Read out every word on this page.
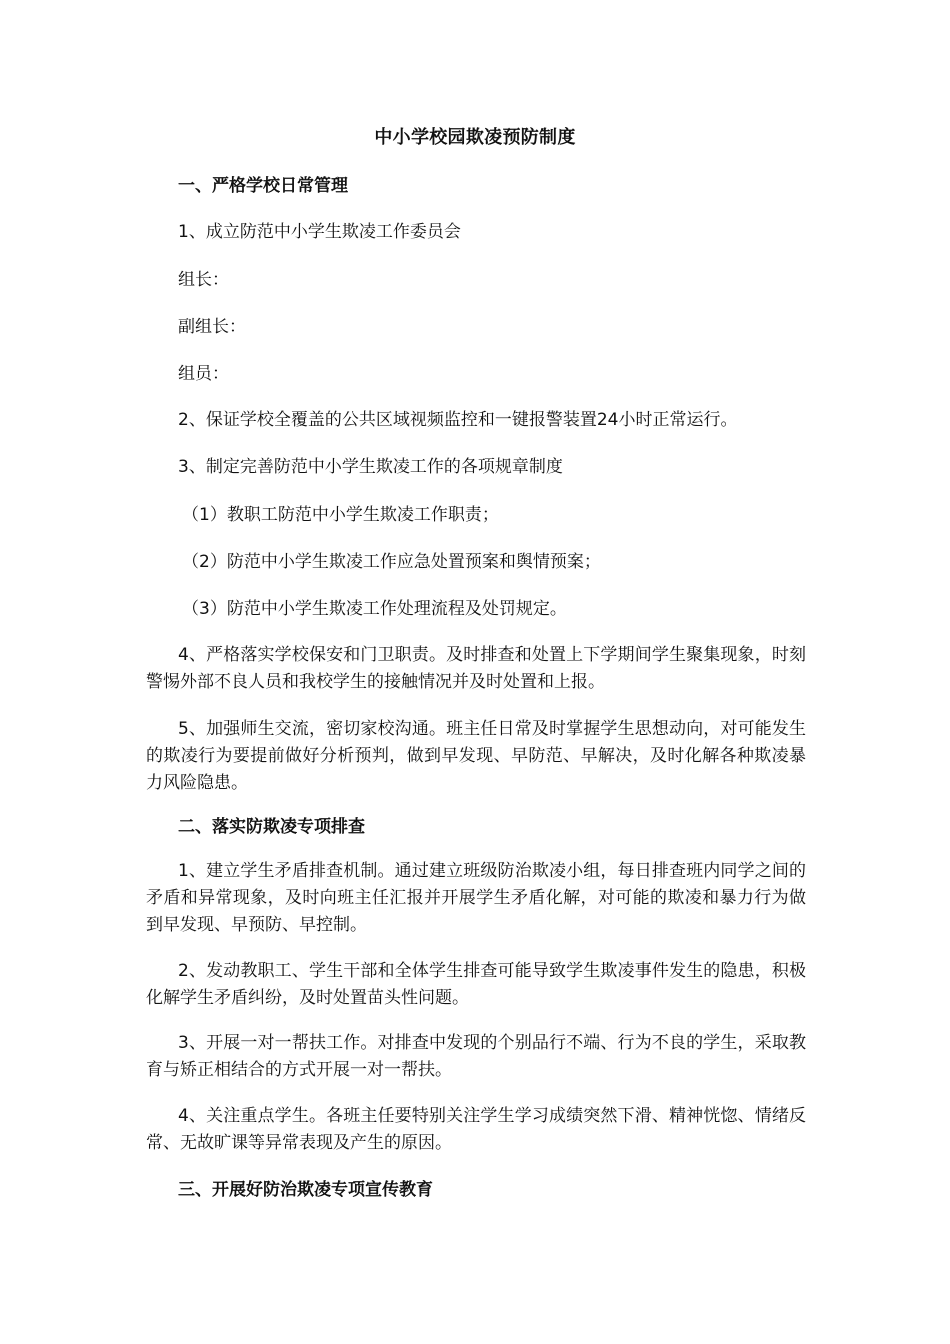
中小学校园欺凌预防制度
一、严格学校日常管理
1、成立防范中小学生欺凌工作委员会
组长：
副组长：
组员：
2、保证学校全覆盖的公共区域视频监控和一键报警装置24小时正常运行。
3、制定完善防范中小学生欺凌工作的各项规章制度
（1）教职工防范中小学生欺凌工作职责；
（2）防范中小学生欺凌工作应急处置预案和舆情预案；
（3）防范中小学生欺凌工作处理流程及处罚规定。
4、严格落实学校保安和门卫职责。及时排查和处置上下学期间学生聚集现象，时刻警惕外部不良人员和我校学生的接触情况并及时处置和上报。
5、加强师生交流，密切家校沟通。班主任日常及时掌握学生思想动向，对可能发生的欺凌行为要提前做好分析预判，做到早发现、早防范、早解决，及时化解各种欺凌暴力风险隐患。
二、落实防欺凌专项排查
1、建立学生矛盾排查机制。通过建立班级防治欺凌小组，每日排查班内同学之间的矛盾和异常现象，及时向班主任汇报并开展学生矛盾化解，对可能的欺凌和暴力行为做到早发现、早预防、早控制。
2、发动教职工、学生干部和全体学生排查可能导致学生欺凌事件发生的隐患，积极化解学生矛盾纠纷，及时处置苗头性问题。
3、开展一对一帮扶工作。对排查中发现的个别品行不端、行为不良的学生，采取教育与矫正相结合的方式开展一对一帮扶。
4、关注重点学生。各班主任要特别关注学生学习成绩突然下滑、精神恍惚、情绪反常、无故旷课等异常表现及产生的原因。
三、开展好防治欺凌专项宣传教育
